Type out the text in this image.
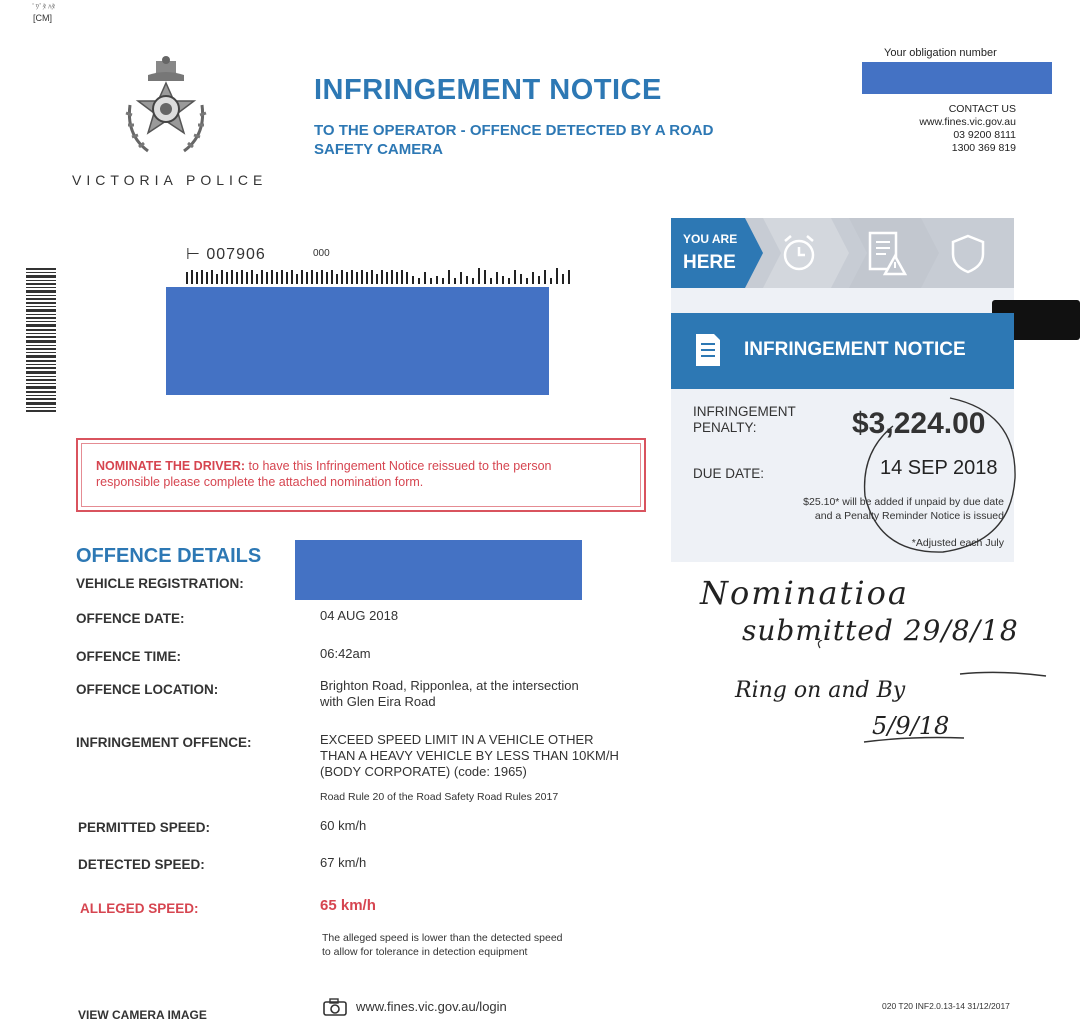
ﾟﾜﾞﾀ ﾊﾀ
[CM]
VICTORIA POLICE
INFRINGEMENT NOTICE
TO THE OPERATOR - OFFENCE DETECTED BY A ROAD SAFETY CAMERA
Your obligation number
CONTACT US
www.fines.vic.gov.au
03 9200 8111
1300 369 819
⊢ 007906	000
NOMINATE THE DRIVER: to have this Infringement Notice reissued to the person responsible please complete the attached nomination form.
YOU ARE
HERE
INFRINGEMENT NOTICE
INFRINGEMENT
PENALTY:	$3,224.00
DUE DATE:	14 SEP 2018
$25.10* will be added if unpaid by due date
and a Penalty Reminder Notice is issued
*Adjusted each July
OFFENCE DETAILS
VEHICLE REGISTRATION:
OFFENCE DATE:	04 AUG 2018
OFFENCE TIME:	06:42am
OFFENCE LOCATION:	Brighton Road, Ripponlea, at the intersection
with Glen Eira Road
INFRINGEMENT OFFENCE:	EXCEED SPEED LIMIT IN A VEHICLE OTHER
THAN A HEAVY VEHICLE BY LESS THAN 10KM/H
(BODY CORPORATE) (code: 1965)
Road Rule 20 of the Road Safety Road Rules 2017
PERMITTED SPEED:	60 km/h
DETECTED SPEED:	67 km/h
ALLEGED SPEED:	65 km/h
The alleged speed is lower than the detected speed
to allow for tolerance in detection equipment
Nominatioa
submitted 29/8/18
Ring on and By
5/9/18
VIEW CAMERA IMAGE
www.fines.vic.gov.au/login	020 T20 INF2.0.13-14 31/12/2017
